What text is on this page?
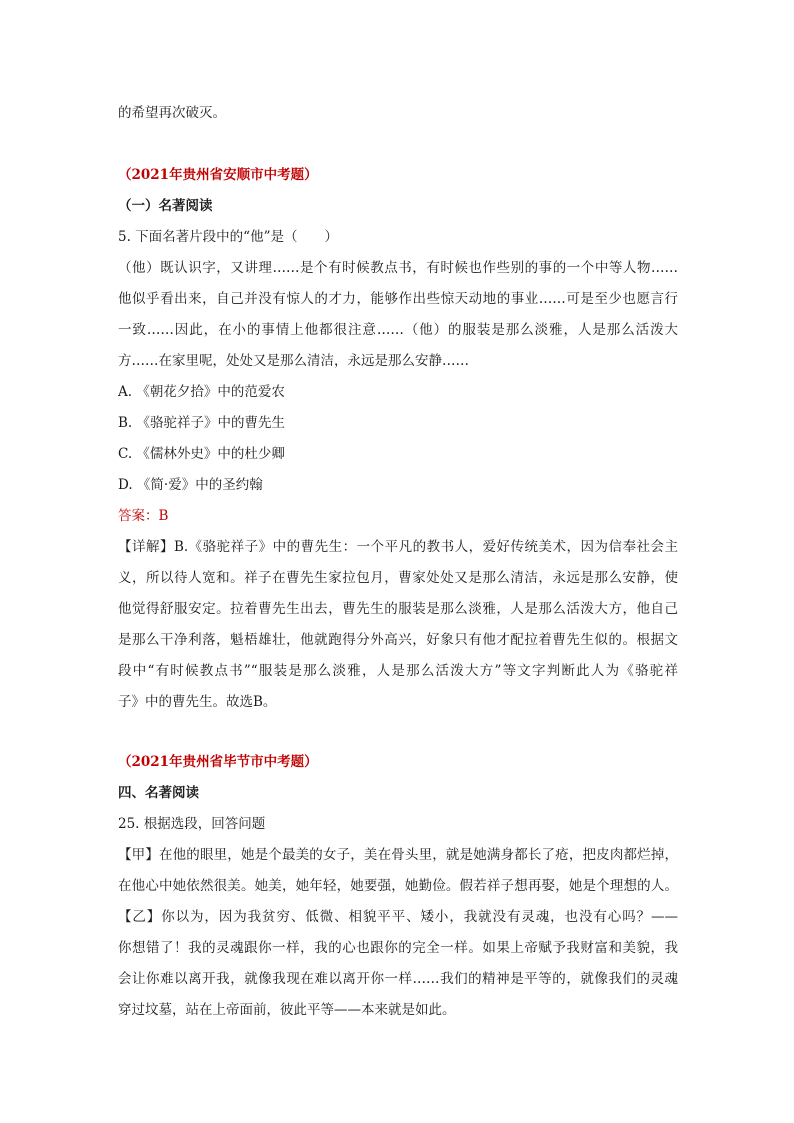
的希望再次破灭。
（2021年贵州省安顺市中考题）
（一）名著阅读
5. 下面名著片段中的“他”是（　　）
（他）既认识字，又讲理……是个有时候教点书，有时候也作些别的事的一个中等人物……
他似乎看出来，自己并没有惊人的才力，能够作出些惊天动地的事业……可是至少也愿言行
一致……因此，在小的事情上他都很注意……（他）的服装是那么淡雅，人是那么活泼大
方……在家里呢，处处又是那么清洁，永远是那么安静……
A. 《朝花夕拾》中的范爱农
B. 《骆驼祥子》中的曹先生
C. 《儒林外史》中的杜少卿
D. 《简·爱》中的圣约翰
答案：B
【详解】B.《骆驼祥子》中的曹先生：一个平凡的教书人，爱好传统美术，因为信奉社会主
义，所以待人宽和。祥子在曹先生家拉包月，曹家处处又是那么清洁，永远是那么安静，使
他觉得舒服安定。拉着曹先生出去，曹先生的服装是那么淡雅，人是那么活泼大方，他自己
是那么干净利落，魁梧雄壮，他就跑得分外高兴，好象只有他才配拉着曹先生似的。根据文
段中“有时候教点书”“服装是那么淡雅，人是那么活泼大方”等文字判断此人为《骆驼祥
子》中的曹先生。故选B。
（2021年贵州省毕节市中考题）
四、名著阅读
25. 根据选段，回答问题
【甲】在他的眼里，她是个最美的女子，美在骨头里，就是她满身都长了疮，把皮肉都烂掉，
在他心中她依然很美。她美，她年轻，她要强，她勤俭。假若祥子想再娶，她是个理想的人。
【乙】你以为，因为我贫穷、低微、相貌平平、矮小，我就没有灵魂，也没有心吗？——
你想错了！我的灵魂跟你一样，我的心也跟你的完全一样。如果上帝赋予我财富和美貌，我
会让你难以离开我，就像我现在难以离开你一样……我们的精神是平等的，就像我们的灵魂
穿过坟墓，站在上帝面前，彼此平等——本来就是如此。
